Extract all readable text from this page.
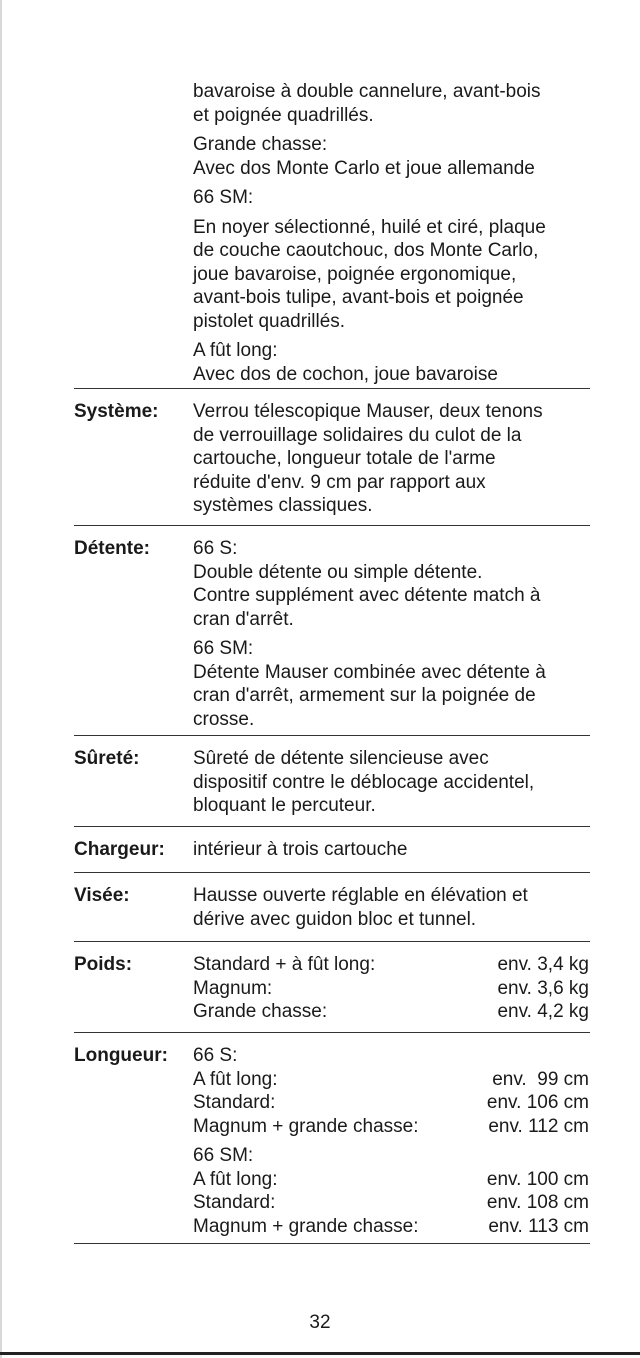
bavaroise à double cannelure, avant-bois
et poignée quadrillés.
Grande chasse:
Avec dos Monte Carlo et joue allemande
66 SM:
En noyer sélectionné, huilé et ciré, plaque
de couche caoutchouc, dos Monte Carlo,
joue bavaroise, poignée ergonomique,
avant-bois tulipe, avant-bois et poignée
pistolet quadrillés.
A fût long:
Avec dos de cochon, joue bavaroise
Système: Verrou télescopique Mauser, deux tenons
de verrouillage solidaires du culot de la
cartouche, longueur totale de l'arme
réduite d'env. 9 cm par rapport aux
systèmes classiques.
Détente: 66 S:
Double détente ou simple détente.
Contre supplément avec détente match à
cran d'arrêt.
66 SM:
Détente Mauser combinée avec détente à
cran d'arrêt, armement sur la poignée de
crosse.
Sûreté:	Sûreté de détente silencieuse avec
dispositif contre le déblocage accidentel,
bloquant le percuteur.
Chargeur: intérieur à trois cartouche
Visée:	Hausse ouverte réglable en élévation et
dérive avec guidon bloc et tunnel.
Poids:	Standard + à fût long:	env. 3,4 kg
Magnum:	env. 3,6 kg
Grande chasse:	env. 4,2 kg
Longueur: 66 S:
A fût long:	env.  99 cm
Standard:	env. 106 cm
Magnum + grande chasse:	env. 112 cm
66 SM:
A fût long:	env. 100 cm
Standard:	env. 108 cm
Magnum + grande chasse:	env. 113 cm
32
